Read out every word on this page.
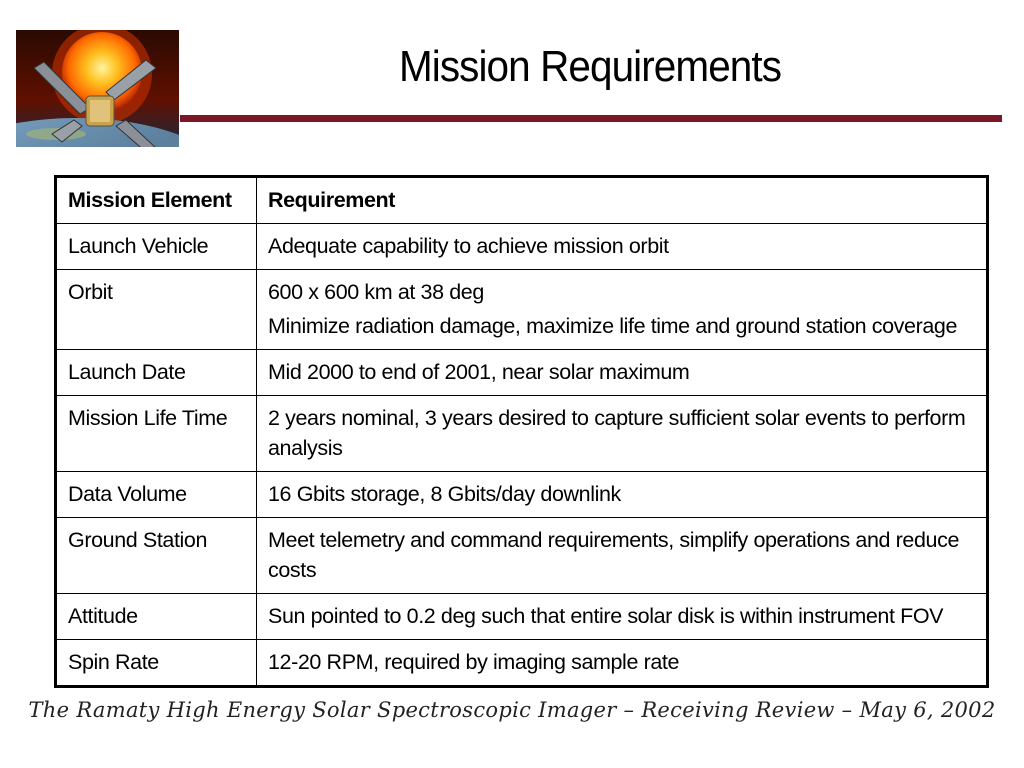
Mission Requirements
Mission Element	Requirement
Launch Vehicle	Adequate capability to achieve mission orbit
Orbit	600 x 600 km at 38 deg
Minimize radiation damage, maximize life time and ground station coverage

Launch Date	Mid 2000 to end of 2001, near solar maximum
Mission Life Time	2 years nominal, 3 years desired to capture sufficient solar events to perform analysis
Data Volume	16 Gbits storage, 8 Gbits/day downlink
Ground Station	Meet telemetry and command requirements, simplify operations and reduce costs
Attitude	Sun pointed to 0.2 deg such that entire solar disk is within instrument FOV
Spin Rate	12-20 RPM, required by imaging sample rate
The Ramaty High Energy Solar Spectroscopic Imager – Receiving Review – May 6, 2002
